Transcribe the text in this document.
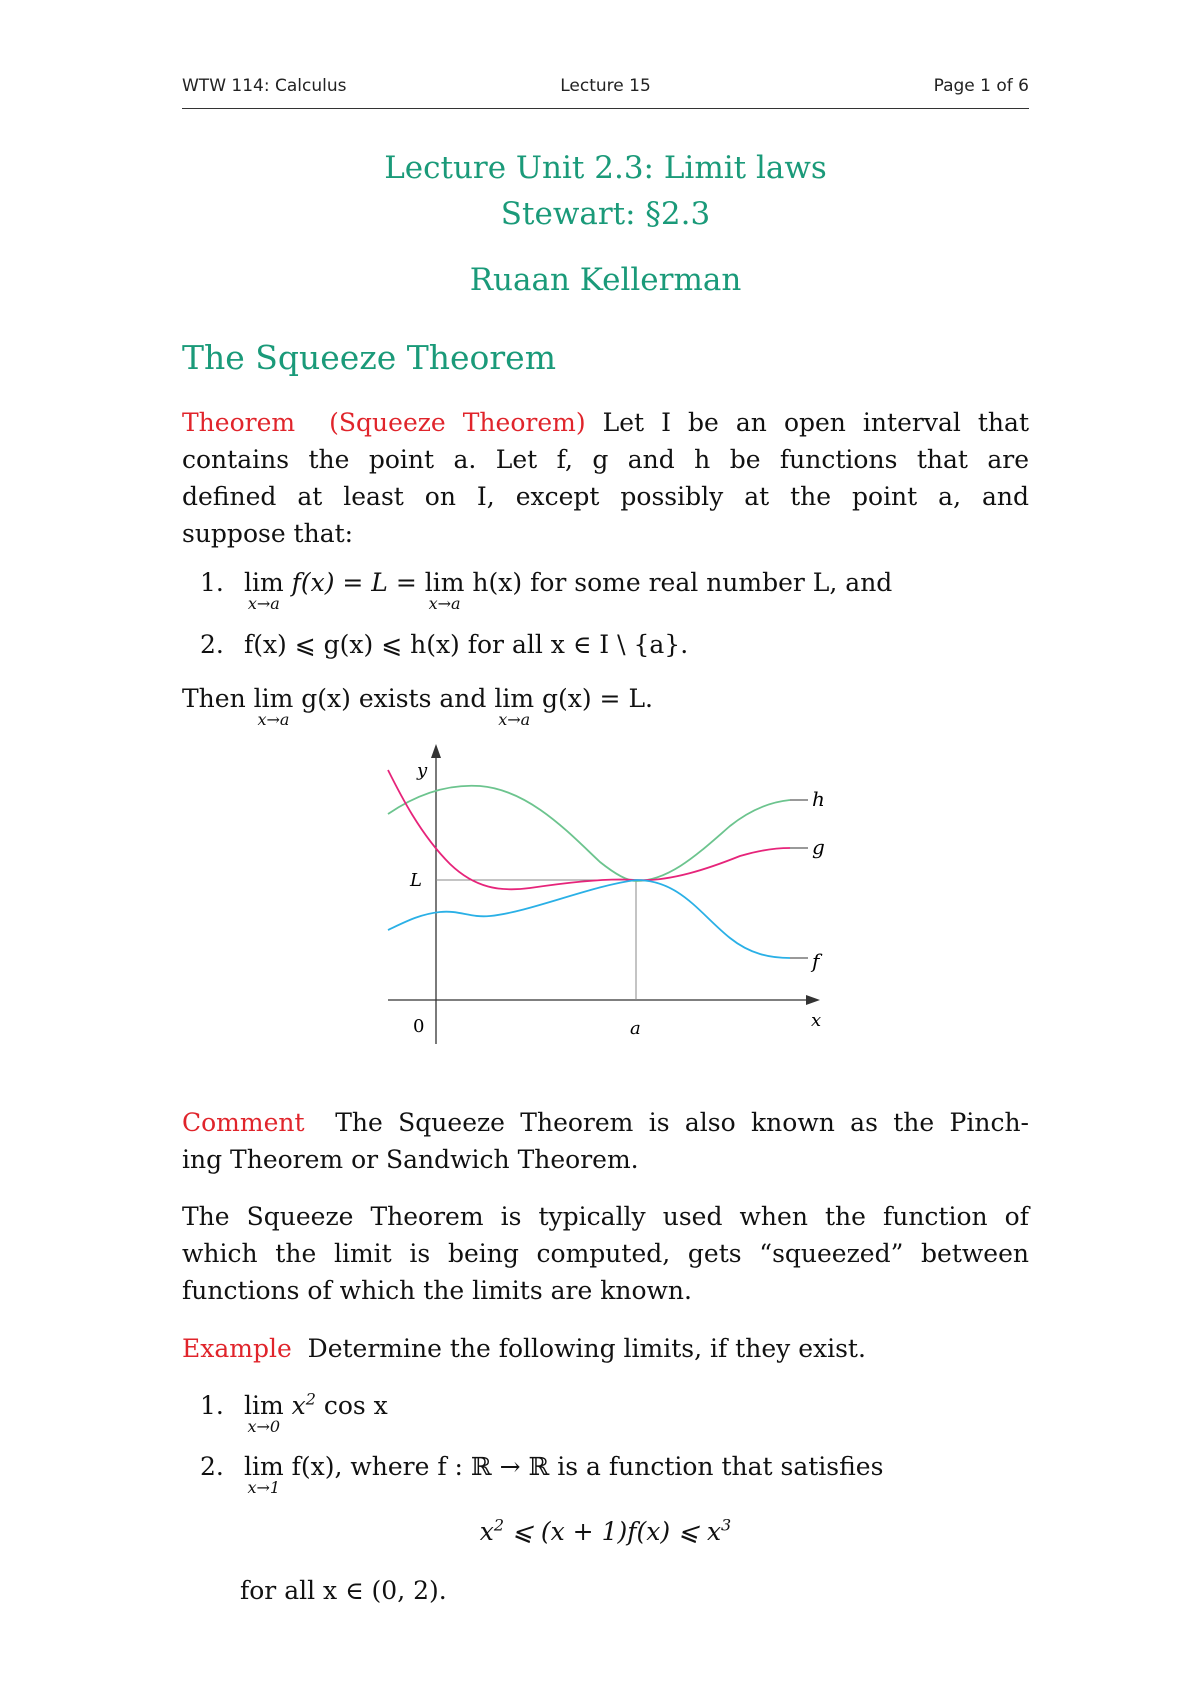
WTW 114: Calculus	Lecture 15	Page 1 of 6
Lecture Unit 2.3: Limit laws
Stewart: §2.3
Ruaan Kellerman
The Squeeze Theorem
Theorem (Squeeze Theorem) Let I be an open interval that
contains the point a. Let f, g and h be functions that are
defined at least on I, except possibly at the point a, and
suppose that:
1. lim
x→a
f(x) = L = lim
x→a
h(x) for some real number L, and
2. f(x) ⩽ g(x) ⩽ h(x) for all x ∈ I \ {a}.
Then lim
x→a
g(x) exists and lim
x→a
g(x) = L.
y
x
0	a
L
h
g
f
Comment The Squeeze Theorem is also known as the Pinch-
ing Theorem or Sandwich Theorem.
The Squeeze Theorem is typically used when the function of
which the limit is being computed, gets “squeezed” between
functions of which the limits are known.
Example Determine the following limits, if they exist.
1. lim
x→0
$x^2$ cos x
2. lim
x→1
f(x), where f : ℝ → ℝ is a function that satisfies
$x^2$ ⩽ (x + 1)f(x) ⩽ $x^3$
for all x ∈ (0, 2).
